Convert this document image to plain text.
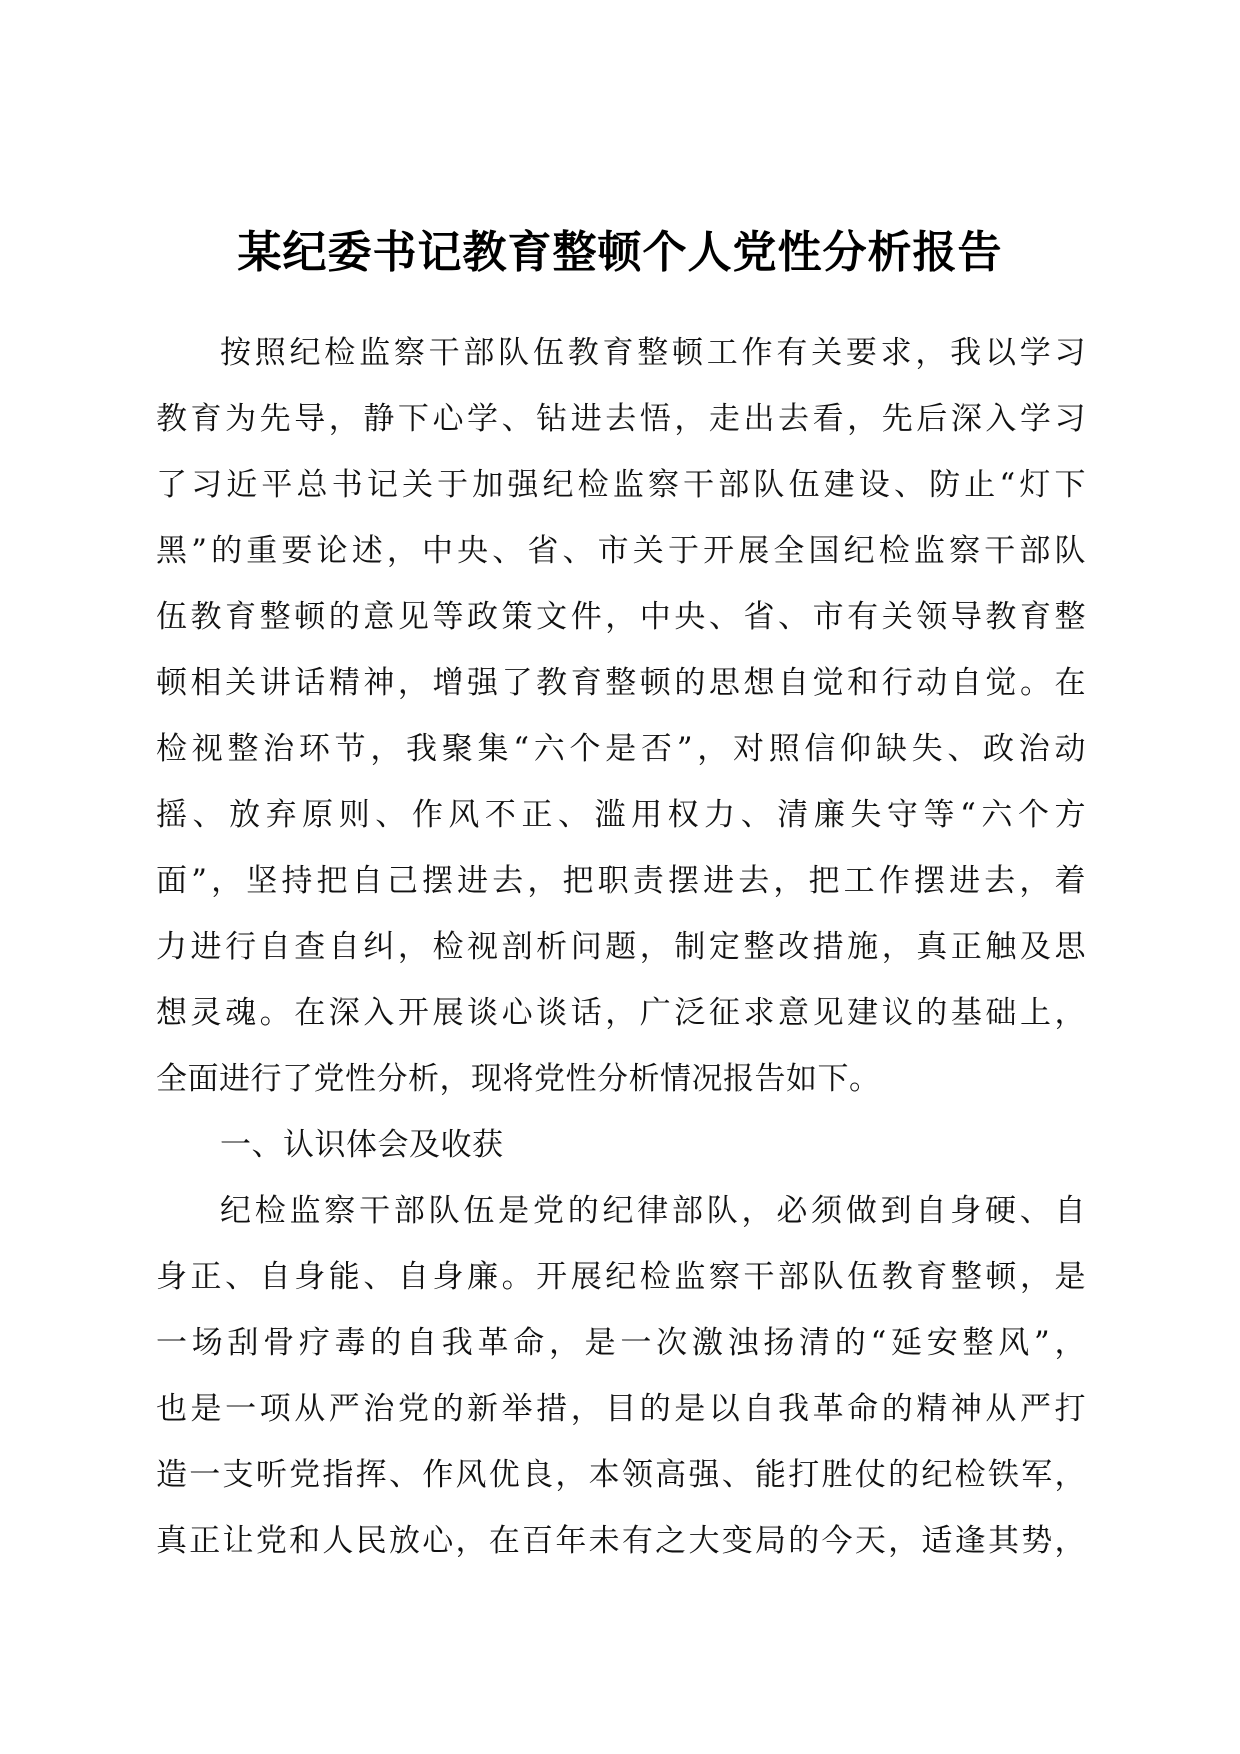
某纪委书记教育整顿个人党性分析报告
按照纪检监察干部队伍教育整顿工作有关要求，我以学习
教育为先导，静下心学、钻进去悟，走出去看，先后深入学习
了习近平总书记关于加强纪检监察干部队伍建设、防止“灯下
黑”的重要论述，中央、省、市关于开展全国纪检监察干部队
伍教育整顿的意见等政策文件，中央、省、市有关领导教育整
顿相关讲话精神，增强了教育整顿的思想自觉和行动自觉。在
检视整治环节，我聚集“六个是否”，对照信仰缺失、政治动
摇、放弃原则、作风不正、滥用权力、清廉失守等“六个方
面”，坚持把自己摆进去，把职责摆进去，把工作摆进去，着
力进行自查自纠，检视剖析问题，制定整改措施，真正触及思
想灵魂。在深入开展谈心谈话，广泛征求意见建议的基础上，
全面进行了党性分析，现将党性分析情况报告如下。
一、认识体会及收获
纪检监察干部队伍是党的纪律部队，必须做到自身硬、自
身正、自身能、自身廉。开展纪检监察干部队伍教育整顿，是
一场刮骨疗毒的自我革命，是一次激浊扬清的“延安整风”，
也是一项从严治党的新举措，目的是以自我革命的精神从严打
造一支听党指挥、作风优良，本领高强、能打胜仗的纪检铁军，
真正让党和人民放心，在百年未有之大变局的今天，适逢其势，
